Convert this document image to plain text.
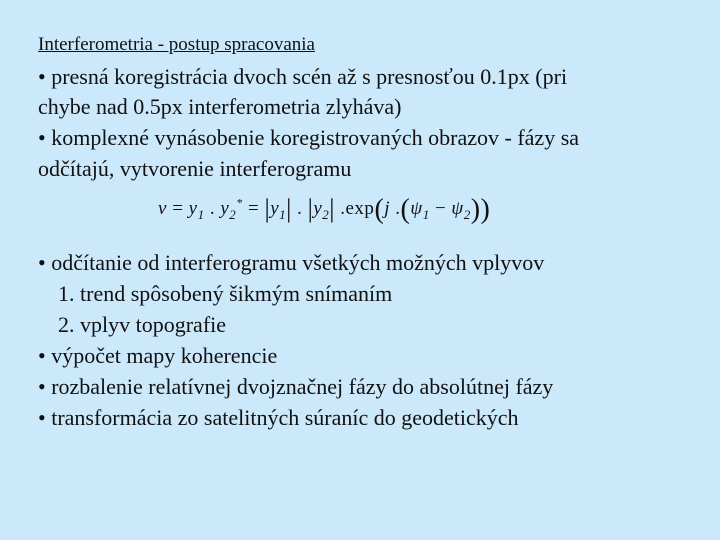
Interferometria - postup spracovania
• presná koregistrácia dvoch scén až s presnosťou 0.1px (pri
chybe nad 0.5px interferometria zlyháva)
• komplexné vynásobenie koregistrovaných obrazov - fázy sa
odčítajú, vytvorenie interferogramu
$v = y_1$ . $y_2^* = |y_1|$ . $|y_2|$ .exp(j $.(\psi_1 - \psi_2)$)
• odčítanie od interferogramu všetkých možných vplyvov
1. trend spôsobený šikmým snímaním
2. vplyv topografie
• výpočet mapy koherencie
• rozbalenie relatívnej dvojznačnej fázy do absolútnej fázy
• transformácia zo satelitných súraníc do geodetických
